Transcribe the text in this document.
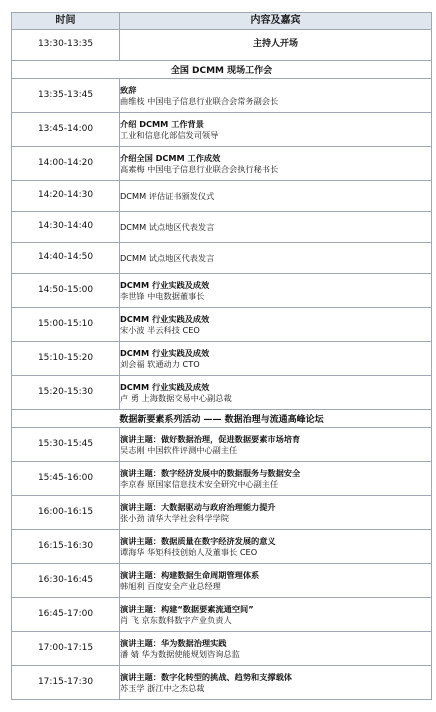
时间	内容及嘉宾
13:30-13:35	主持人开场
全国 DCMM 现场工作会	
13:35-13:45	致辞
曲维枝 中国电子信息行业联合会常务副会长

13:45-14:00	介绍 DCMM 工作背景
工业和信息化部信发司领导

14:00-14:20	介绍全国 DCMM 工作成效
高素梅 中国电子信息行业联合会执行秘书长

14:20-14:30	DCMM 评估证书颁发仪式

14:30-14:40	DCMM 试点地区代表发言

14:40-14:50	DCMM 试点地区代表发言

14:50-15:00	DCMM 行业实践及成效
李世锋 中电数据董事长

15:00-15:10	DCMM 行业实践及成效
宋小波 半云科技 CEO

15:10-15:20	DCMM 行业实践及成效
刘会福 软通动力 CTO

15:20-15:30	DCMM 行业实践及成效
卢 勇 上海数据交易中心副总裁

数据新要素系列活动 —— 数据治理与流通高峰论坛	
15:30-15:45	演讲主题：做好数据治理，促进数据要素市场培育
吴志刚 中国软件评测中心副主任

15:45-16:00	演讲主题：数字经济发展中的数据服务与数据安全
李京春 原国家信息技术安全研究中心副主任

16:00-16:15	演讲主题：大数据驱动与政府治理能力提升
张小劲 清华大学社会科学学院

16:15-16:30	演讲主题：数据质量在数字经济发展的意义
谭海华 华矩科技创始人及董事长 CEO

16:30-16:45	演讲主题：构建数据生命周期管理体系
韩旭利 百度安全产业总经理

16:45-17:00	演讲主题：构建“数据要素流通空间”
肖 飞 京东数科数字产业负责人

17:00-17:15	演讲主题：华为数据治理实践
潘 婧 华为数据使能规划咨询总监

17:15-17:30	演讲主题：数字化转型的挑战、趋势和支撑载体
苏玉学 浙江中之杰总裁
